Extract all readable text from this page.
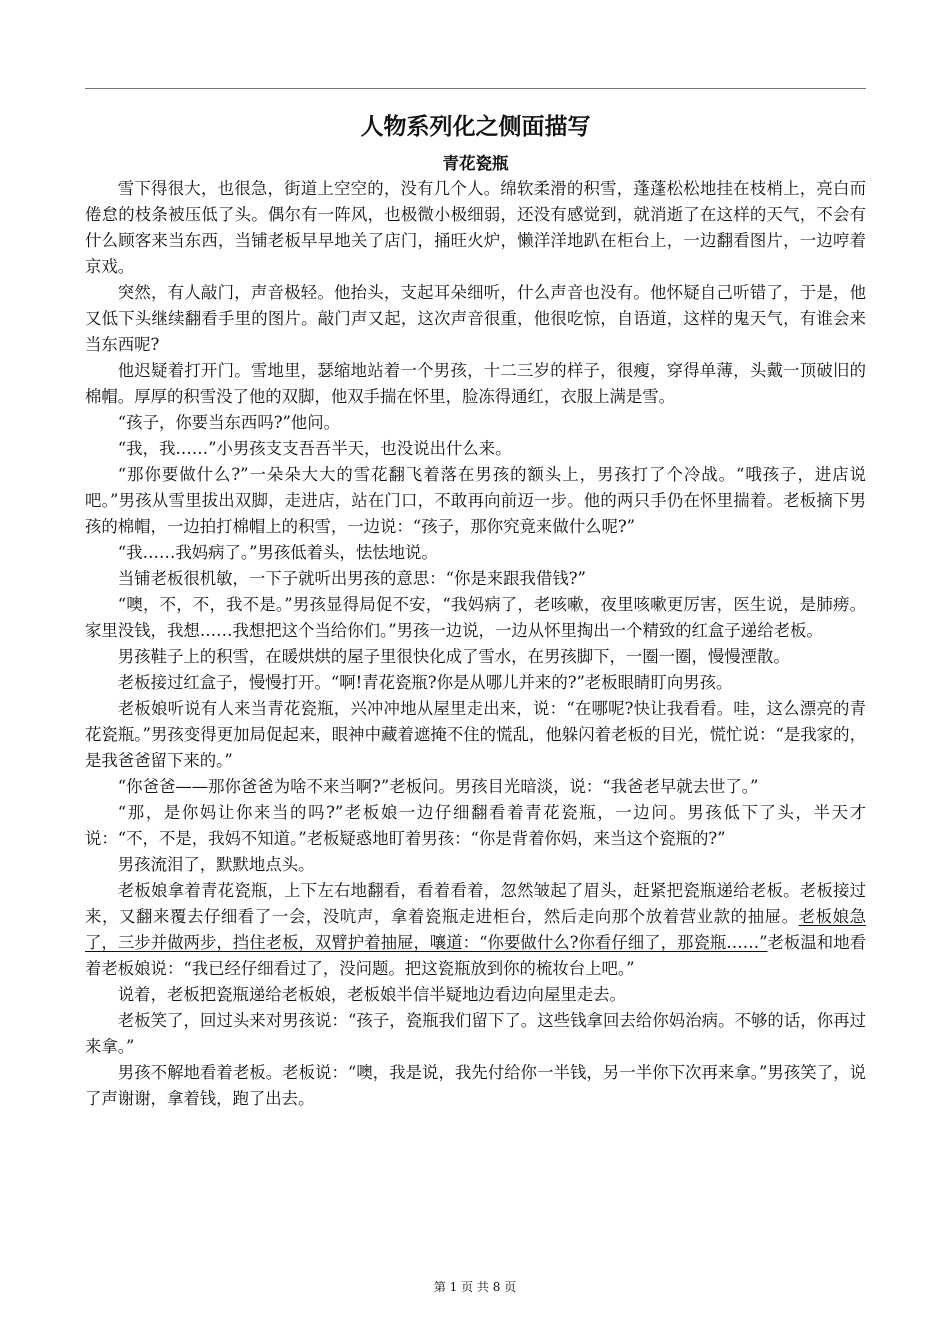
人物系列化之侧面描写
青花瓷瓶

雪下得很大，也很急，街道上空空的，没有几个人。绵软柔滑的积雪，蓬蓬松松地挂在枝梢上，亮白而倦怠的枝条被压低了头。偶尔有一阵风，也极微小极细弱，还没有感觉到，就消逝了在这样的天气，不会有什么顾客来当东西，当铺老板早早地关了店门，捅旺火炉，懒洋洋地趴在柜台上，一边翻看图片，一边哼着京戏。

突然，有人敲门，声音极轻。他抬头，支起耳朵细听，什么声音也没有。他怀疑自己听错了，于是，他又低下头继续翻看手里的图片。敲门声又起，这次声音很重，他很吃惊，自语道，这样的鬼天气，有谁会来当东西呢?

他迟疑着打开门。雪地里，瑟缩地站着一个男孩，十二三岁的样子，很瘦，穿得单薄，头戴一顶破旧的棉帽。厚厚的积雪没了他的双脚，他双手揣在怀里，脸冻得通红，衣服上满是雪。

“孩子，你要当东西吗?”他问。

“我，我……”小男孩支支吾吾半天，也没说出什么来。

“那你要做什么?”一朵朵大大的雪花翻飞着落在男孩的额头上，男孩打了个冷战。“哦孩子，进店说吧。”男孩从雪里拔出双脚，走进店，站在门口，不敢再向前迈一步。他的两只手仍在怀里揣着。老板摘下男孩的棉帽，一边拍打棉帽上的积雪，一边说：“孩子，那你究竟来做什么呢?”

“我……我妈病了。”男孩低着头，怯怯地说。

当铺老板很机敏，一下子就听出男孩的意思：“你是来跟我借钱?”

“噢，不，不，我不是。”男孩显得局促不安，“我妈病了，老咳嗽，夜里咳嗽更厉害，医生说，是肺痨。家里没钱，我想……我想把这个当给你们。”男孩一边说，一边从怀里掏出一个精致的红盒子递给老板。

男孩鞋子上的积雪，在暖烘烘的屋子里很快化成了雪水，在男孩脚下，一圈一圈，慢慢湮散。

老板接过红盒子，慢慢打开。“啊!青花瓷瓶?你是从哪儿并来的?”老板眼睛盯向男孩。

老板娘听说有人来当青花瓷瓶，兴冲冲地从屋里走出来，说：“在哪呢?快让我看看。哇，这么漂亮的青花瓷瓶。”男孩变得更加局促起来，眼神中藏着遮掩不住的慌乱，他躲闪着老板的目光，慌忙说：“是我家的，是我爸爸留下来的。”

“你爸爸——那你爸爸为啥不来当啊?”老板问。男孩目光暗淡，说：“我爸老早就去世了。”

“那，是你妈让你来当的吗?”老板娘一边仔细翻看着青花瓷瓶，一边问。男孩低下了头，半天才说：“不，不是，我妈不知道。”老板疑惑地盯着男孩：“你是背着你妈，来当这个瓷瓶的?”

男孩流泪了，默默地点头。

老板娘拿着青花瓷瓶，上下左右地翻看，看着看着，忽然皱起了眉头，赶紧把瓷瓶递给老板。老板接过来，又翻来覆去仔细看了一会，没吭声，拿着瓷瓶走进柜台，然后走向那个放着营业款的抽屉。老板娘急了，三步并做两步，挡住老板，双臂护着抽屉，嚷道：“你要做什么?你看仔细了，那瓷瓶……”老板温和地看着老板娘说：“我已经仔细看过了，没问题。把这瓷瓶放到你的梳妆台上吧。”

说着，老板把瓷瓶递给老板娘，老板娘半信半疑地边看边向屋里走去。

老板笑了，回过头来对男孩说：“孩子，瓷瓶我们留下了。这些钱拿回去给你妈治病。不够的话，你再过来拿。”

男孩不解地看着老板。老板说：“噢，我是说，我先付给你一半钱，另一半你下次再来拿。”男孩笑了，说了声谢谢，拿着钱，跑了出去。

第 1 页 共 8 页
